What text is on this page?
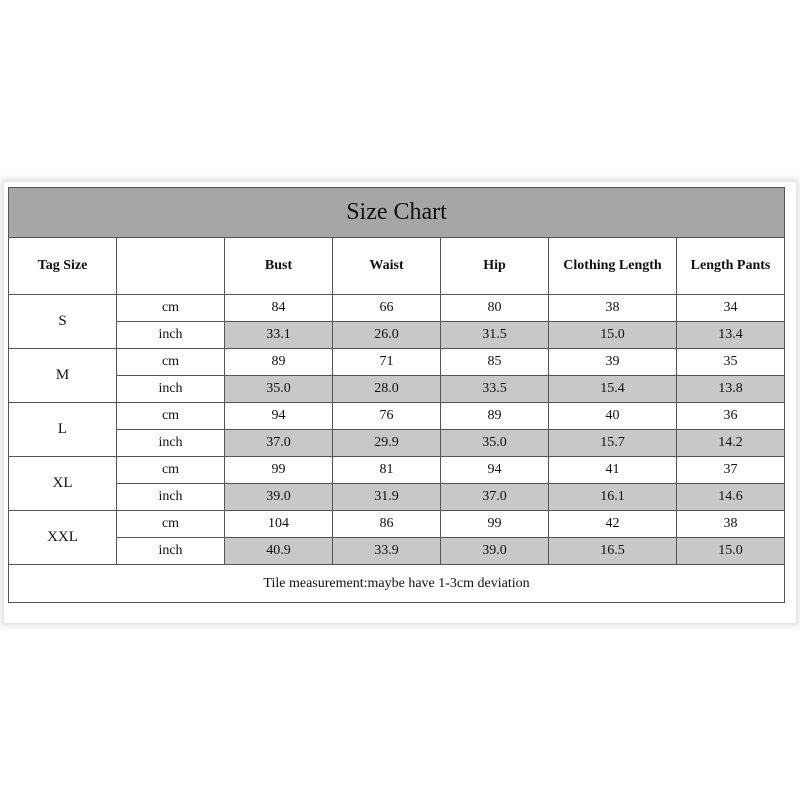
Size Chart						
Tag Size		Bust	Waist	Hip	Clothing Length	Length Pants
S	cm	84	66	80	38	34
	inch	33.1	26.0	31.5	15.0	13.4
M	cm	89	71	85	39	35
	inch	35.0	28.0	33.5	15.4	13.8
L	cm	94	76	89	40	36
	inch	37.0	29.9	35.0	15.7	14.2
XL	cm	99	81	94	41	37
	inch	39.0	31.9	37.0	16.1	14.6
XXL	cm	104	86	99	42	38
	inch	40.9	33.9	39.0	16.5	15.0
Tile measurement:maybe have 1-3cm deviation						
